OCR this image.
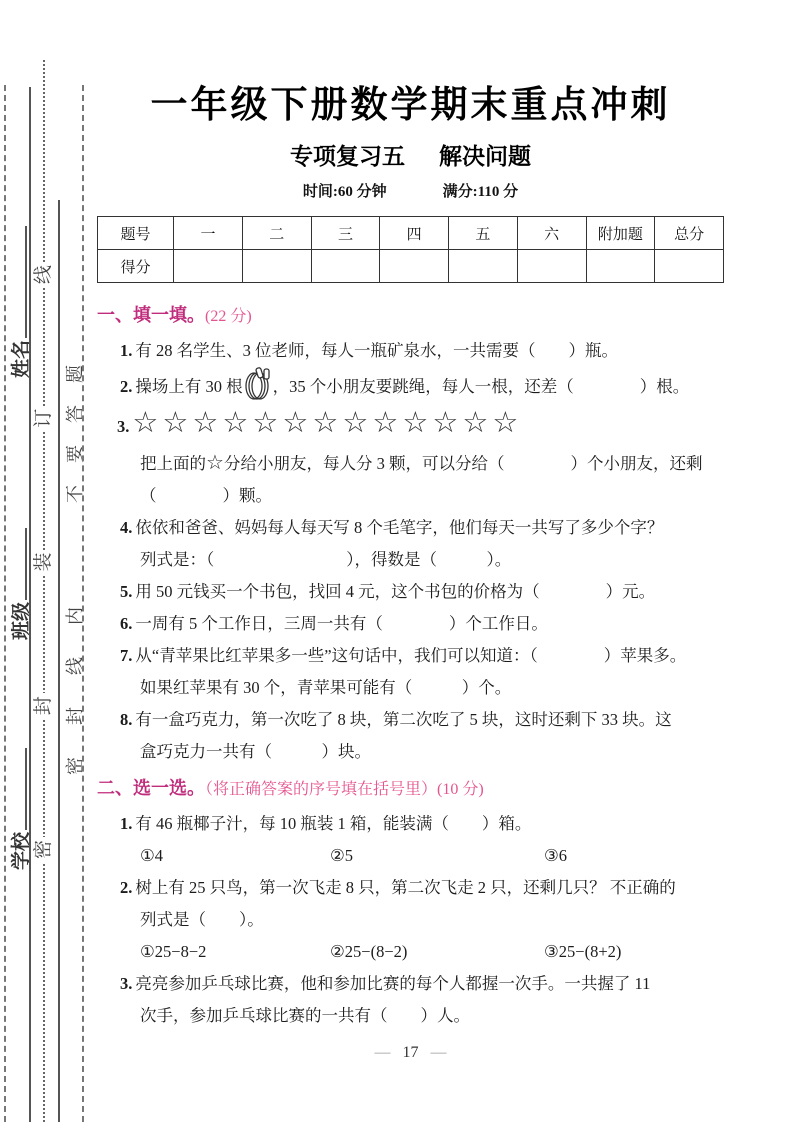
姓名
班级
学校 密
封
装
订
线
密封线内
不要答题
一年级下册数学期末重点冲刺
专项复习五 解决问题
时间:60 分钟	满分:110 分
题号	一	二	三	四	五	六	附加题	总分
得分								
一、填一填。(22 分)
1. 有 28 名学生、3 位老师，每人一瓶矿泉水，一共需要（　　）瓶。
2. 操场上有 30 根 ，35 个小朋友要跳绳，每人一根，还差（　　　　）根。
3. ☆☆☆☆☆☆☆☆☆☆☆☆☆
把上面的☆分给小朋友，每人分 3 颗，可以分给（　　　　）个小朋友，还剩
（　　　　）颗。
4. 依依和爸爸、妈妈每人每天写 8 个毛笔字，他们每天一共写了多少个字？
列式是：（　　　　　　　　），得数是（　　　）。
5. 用 50 元钱买一个书包，找回 4 元，这个书包的价格为（　　　　）元。
6. 一周有 5 个工作日，三周一共有（　　　　）个工作日。
7. 从“青苹果比红苹果多一些”这句话中，我们可以知道：（　　　　）苹果多。
如果红苹果有 30 个，青苹果可能有（　　　）个。
8. 有一盒巧克力，第一次吃了 8 块，第二次吃了 5 块，这时还剩下 33 块。这
盒巧克力一共有（　　　）块。
二、选一选。（将正确答案的序号填在括号里）(10 分)
1. 有 46 瓶椰子汁，每 10 瓶装 1 箱，能装满（　　）箱。
①4	②5	③6
2. 树上有 25 只鸟，第一次飞走 8 只，第二次飞走 2 只，还剩几只？ 不正确的
列式是（　　）。
①25−8−2	②25−(8−2)	③25−(8+2)
3. 亮亮参加乒乓球比赛，他和参加比赛的每个人都握一次手。一共握了 11
次手，参加乒乓球比赛的一共有（　　）人。
— 17 —
